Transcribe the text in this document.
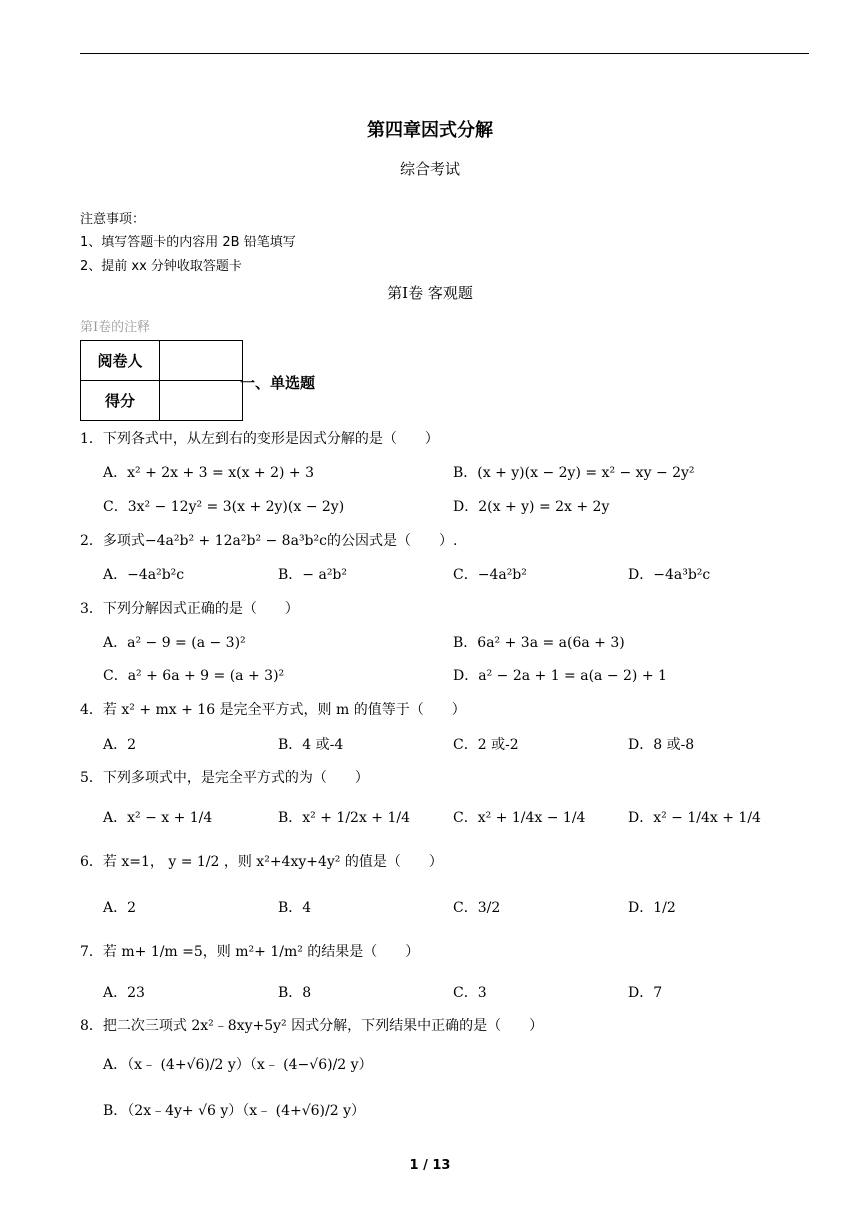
第四章因式分解
综合考试
注意事项：
1、填写答题卡的内容用 2B 铅笔填写
2、提前 xx 分钟收取答题卡
第Ⅰ卷 客观题
第Ⅰ卷的注释
阅卷人	
得分	
一、单选题
1．下列各式中，从左到右的变形是因式分解的是（　　）
A．x² + 2x + 3 = x(x + 2) + 3	B．(x + y)(x − 2y) = x² − xy − 2y²
C．3x² − 12y² = 3(x + 2y)(x − 2y)	D．2(x + y) = 2x + 2y
2．多项式−4a²b² + 12a²b² − 8a³b²c的公因式是（　　）.
A．−4a²b²c	B．− a²b²	C．−4a²b²	D．−4a³b²c
3．下列分解因式正确的是（　　）
A．a² − 9 = (a − 3)²	B．6a² + 3a = a(6a + 3)
C．a² + 6a + 9 = (a + 3)²	D．a² − 2a + 1 = a(a − 2) + 1
4．若 x² + mx + 16 是完全平方式，则 m 的值等于（　　）
A．2	B．4 或-4	C．2 或-2	D．8 或-8
5．下列多项式中，是完全平方式的为（　　）
A．x² − x + 1/4	B．x² + 1/2x + 1/4	C．x² + 1/4x − 1/4	D．x² − 1/4x + 1/4
6．若 x=1， y = 1/2 ，则 x²+4xy+4y² 的值是（　　）
A．2	B．4	C．3/2	D．1/2
7．若 m+ 1/m =5，则 m²+ 1/m² 的结果是（　　）
A．23	B．8	C．3	D．7
8．把二次三项式 2x²﹣8xy+5y² 因式分解，下列结果中正确的是（　　）
A．（x﹣ (4+√6)/2 y）（x﹣ (4−√6)/2 y）
B．（2x﹣4y+ √6 y）（x﹣ (4+√6)/2 y）
1 / 13
